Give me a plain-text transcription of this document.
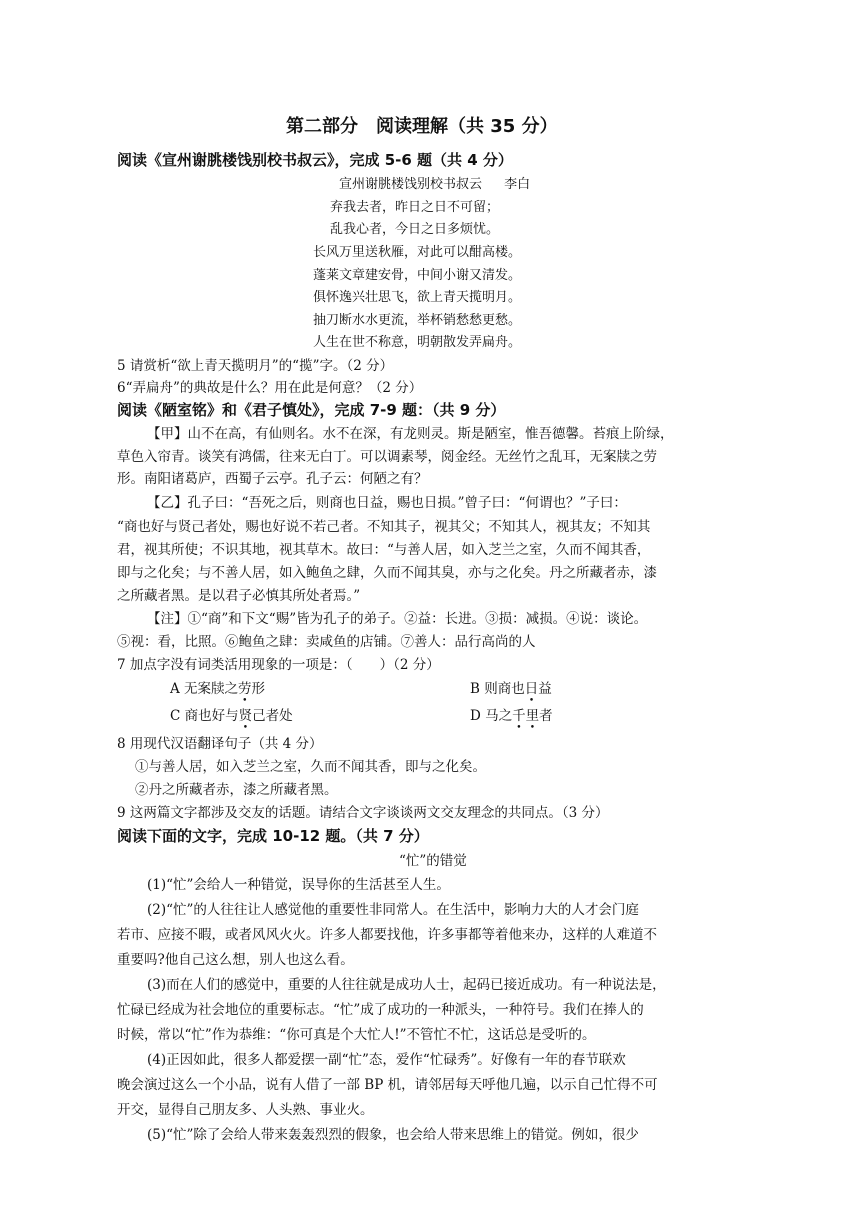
第二部分　阅读理解（共 35 分）
阅读《宣州谢朓楼饯别校书叔云》，完成 5-6 题（共 4 分）
宣州谢朓楼饯别校书叔云 李白
弃我去者，昨日之日不可留；
乱我心者，今日之日多烦忧。
长风万里送秋雁，对此可以酣高楼。
蓬莱文章建安骨，中间小谢又清发。
俱怀逸兴壮思飞，欲上青天揽明月。
抽刀断水水更流，举杯销愁愁更愁。
人生在世不称意，明朝散发弄扁舟。
5 请赏析“欲上青天揽明月”的“揽”字。（2 分）
6“弄扁舟”的典故是什么？用在此是何意？（2 分）
阅读《陋室铭》和《君子慎处》，完成 7-9 题：（共 9 分）
【甲】山不在高，有仙则名。水不在深，有龙则灵。斯是陋室，惟吾德馨。苔痕上阶绿，
草色入帘青。谈笑有鸿儒，往来无白丁。可以调素琴，阅金经。无丝竹之乱耳，无案牍之劳
形。南阳诸葛庐，西蜀子云亭。孔子云：何陋之有？
【乙】孔子曰：“吾死之后，则商也日益，赐也日损。”曾子曰：“何谓也？”子曰：
“商也好与贤己者处，赐也好说不若己者。不知其子，视其父；不知其人，视其友；不知其
君，视其所使；不识其地，视其草木。故曰：“与善人居，如入芝兰之室，久而不闻其香，
即与之化矣；与不善人居，如入鲍鱼之肆，久而不闻其臭，亦与之化矣。丹之所藏者赤，漆
之所藏者黑。是以君子必慎其所处者焉。”
【注】①“商”和下文“赐”皆为孔子的弟子。②益：长进。③损：减损。④说：谈论。
⑤视：看，比照。⑥鲍鱼之肆：卖咸鱼的店铺。⑦善人：品行高尚的人
7 加点字没有词类活用现象的一项是：（　　）（2 分）
A 无案牍之劳形	B 则商也日益
C 商也好与贤己者处	D 马之千里者
8 用现代汉语翻译句子（共 4 分）
①与善人居，如入芝兰之室，久而不闻其香，即与之化矣。
②丹之所藏者赤，漆之所藏者黑。
9 这两篇文字都涉及交友的话题。请结合文字谈谈两文交友理念的共同点。（3 分）
阅读下面的文字，完成 10-12 题。（共 7 分）
“忙”的错觉
(1)“忙”会给人一种错觉，误导你的生活甚至人生。
(2)“忙”的人往往让人感觉他的重要性非同常人。在生活中，影响力大的人才会门庭
若市、应接不暇，或者风风火火。许多人都要找他，许多事都等着他来办，这样的人难道不
重要吗?他自己这么想，别人也这么看。
(3)而在人们的感觉中，重要的人往往就是成功人士，起码已接近成功。有一种说法是，
忙碌已经成为社会地位的重要标志。“忙”成了成功的一种派头，一种符号。我们在捧人的
时候，常以“忙”作为恭维：“你可真是个大忙人!”不管忙不忙，这话总是受听的。
(4)正因如此，很多人都爱摆一副“忙”态，爱作“忙碌秀”。好像有一年的春节联欢
晚会演过这么一个小品，说有人借了一部 BP 机，请邻居每天呼他几遍，以示自己忙得不可
开交，显得自己朋友多、人头熟、事业火。
(5)“忙”除了会给人带来轰轰烈烈的假象，也会给人带来思维上的错觉。例如，很少
